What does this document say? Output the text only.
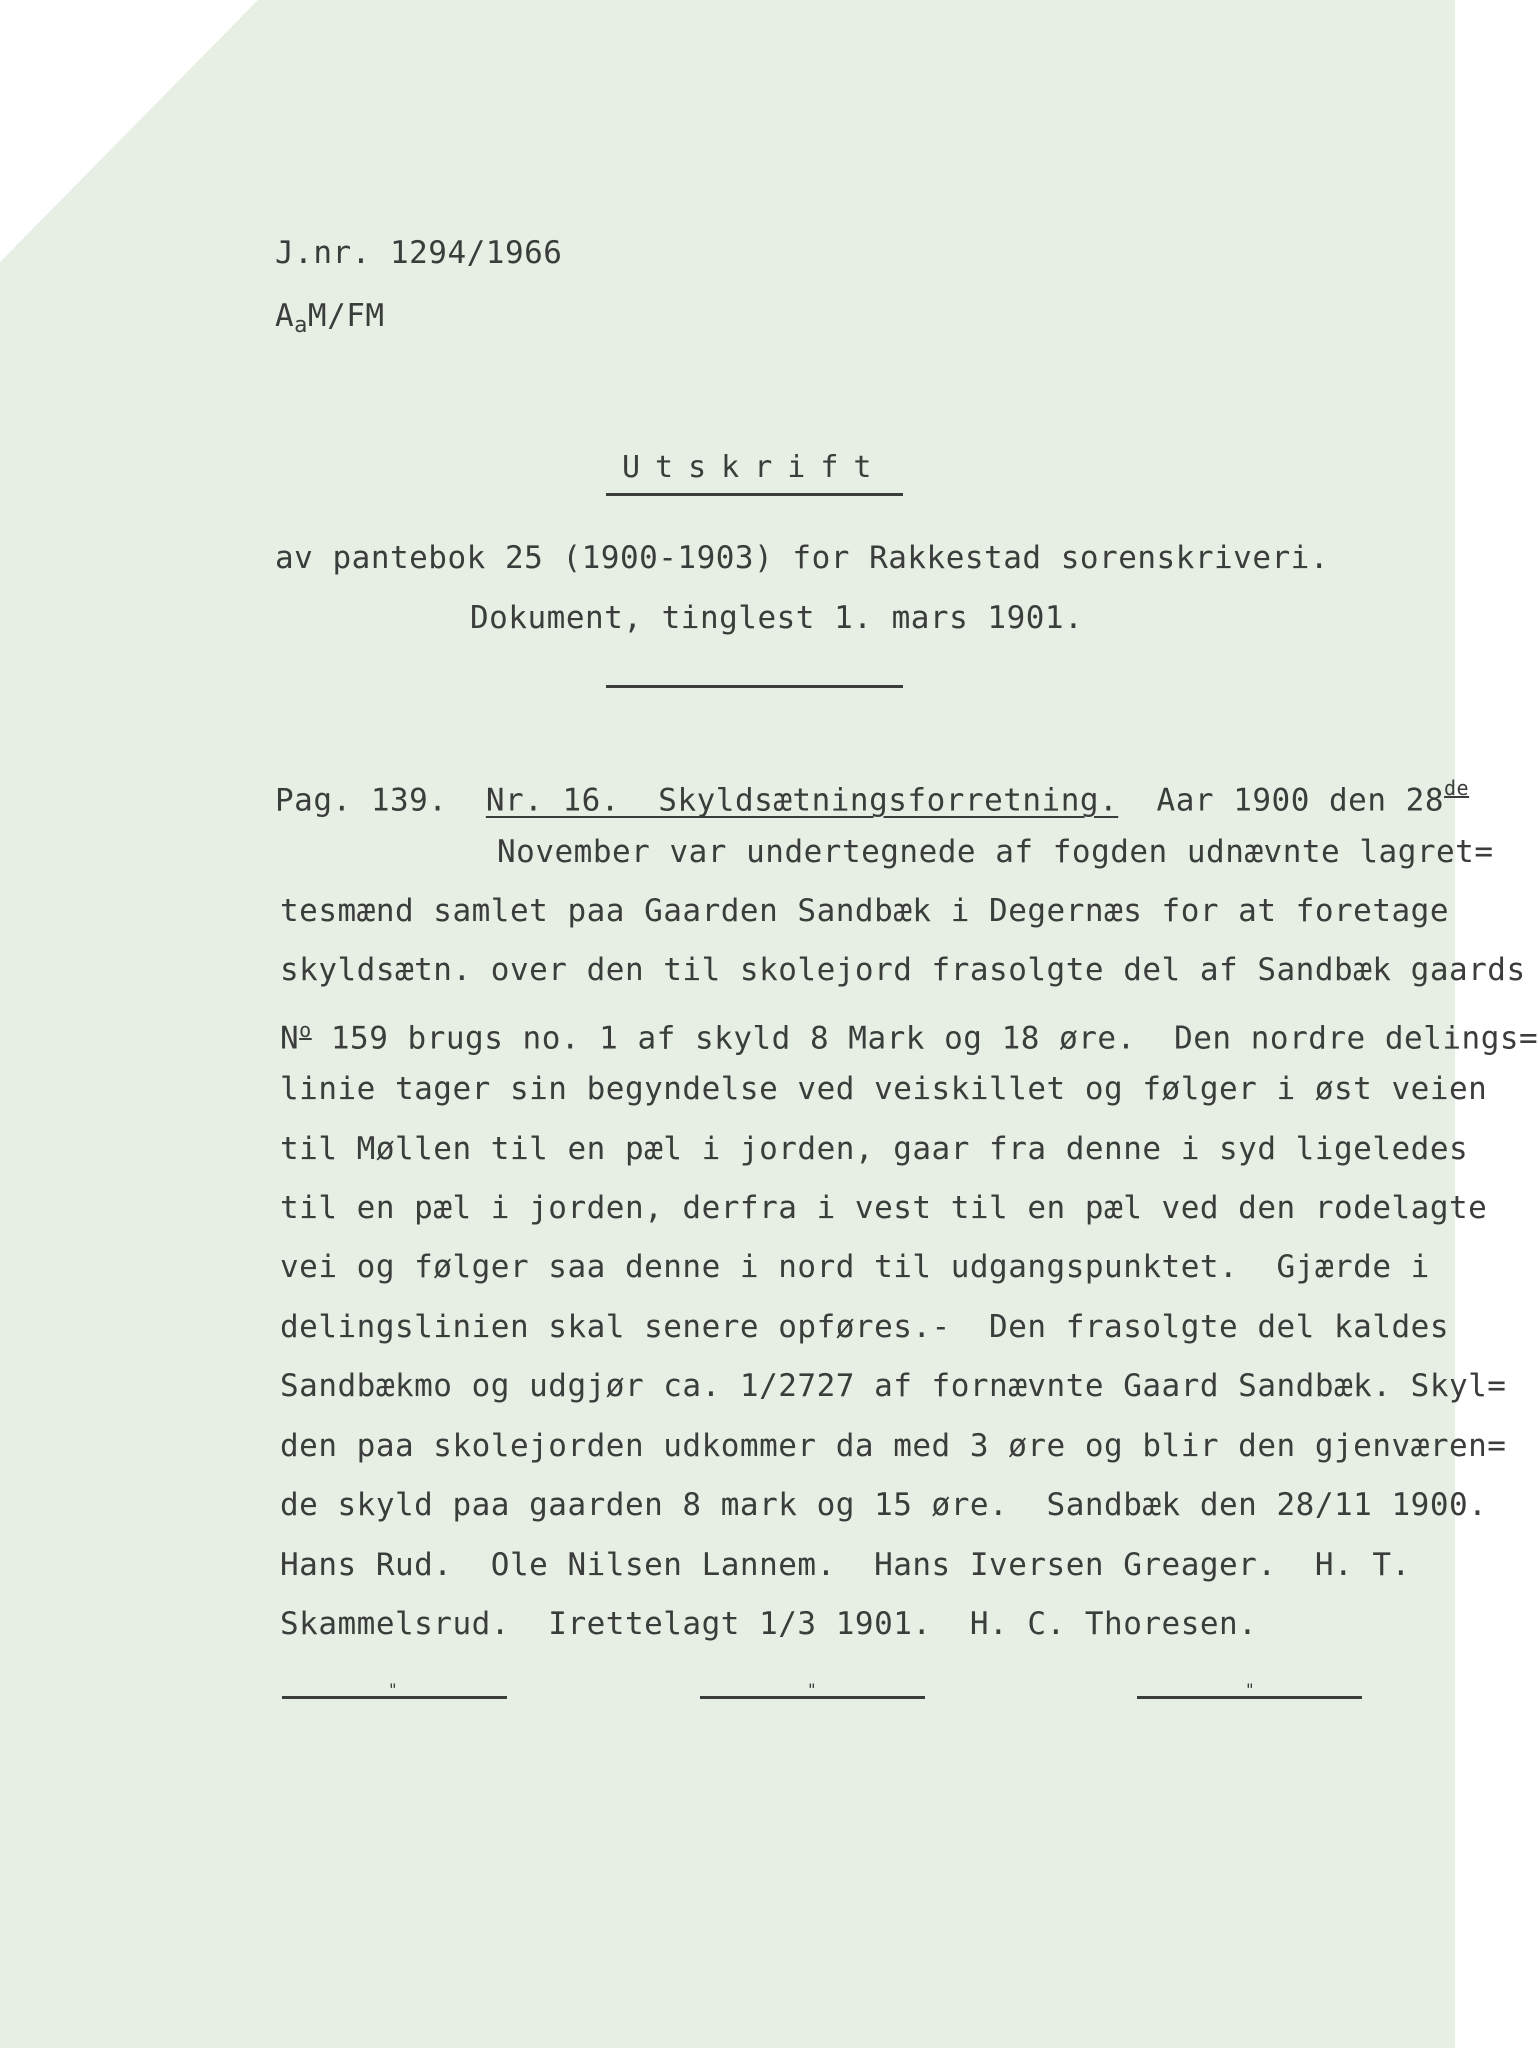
J.nr. 1294/1966
AaM/FM
Utskrift
av pantebok 25 (1900-1903) for Rakkestad sorenskriveri.
Dokument, tinglest 1. mars 1901.
Pag. 139. Nr. 16.  Skyldsætningsforretning. Aar 1900 den 28de
November var undertegnede af fogden udnævnte lagret=
tesmænd samlet paa Gaarden Sandbæk i Degernæs for at foretage
skyldsætn. over den til skolejord frasolgte del af Sandbæk gaards
$N^o$ 159 brugs no. 1 af skyld 8 Mark og 18 øre.  Den nordre delings=
linie tager sin begyndelse ved veiskillet og følger i øst veien
til Møllen til en pæl i jorden, gaar fra denne i syd ligeledes
til en pæl i jorden, derfra i vest til en pæl ved den rodelagte
vei og følger saa denne i nord til udgangspunktet.  Gjærde i
delingslinien skal senere opføres.-  Den frasolgte del kaldes
Sandbækmo og udgjør ca. 1/2727 af fornævnte Gaard Sandbæk. Skyl=
den paa skolejorden udkommer da med 3 øre og blir den gjenværen=
de skyld paa gaarden 8 mark og 15 øre.  Sandbæk den 28/11 1900.
Hans Rud.  Ole Nilsen Lannem.  Hans Iversen Greager.  H. T.
Skammelsrud.  Irettelagt 1/3 1901.  H. C. Thoresen.
"	"	"
